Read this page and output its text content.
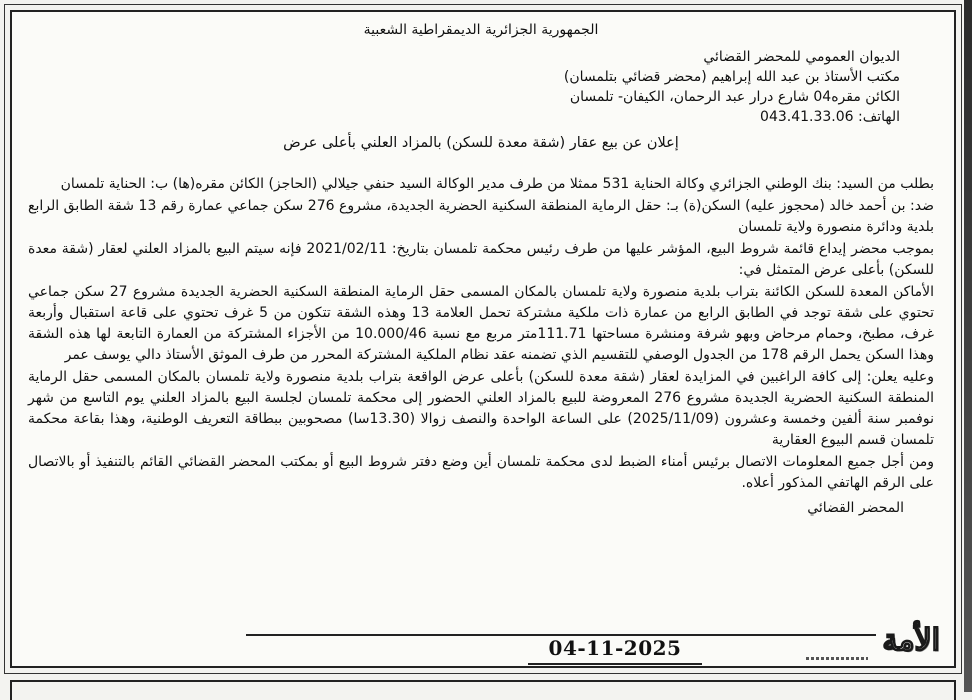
الجمهورية الجزائرية الديمقراطية الشعبية
الديوان العمومي للمحضر القضائي
مكتب الأستاذ بن عبد الله إبراهيم (محضر قضائي بتلمسان)
الكائن مقره04 شارع درار عبد الرحمان، الكيفان- تلمسان
الهاتف: 043.41.33.06
إعلان عن بيع عقار (شقة معدة للسكن) بالمزاد العلني بأعلى عرض

بطلب من السيد: بنك الوطني الجزائري وكالة الحناية 531 ممثلا من طرف مدير الوكالة السيد حنفي جيلالي (الحاجز) الكائن مقره(ها) ب: الحناية تلمسان

ضد: بن أحمد خالد (محجوز عليه) السكن(ة) بـ: حقل الرماية المنطقة السكنية الحضرية الجديدة، مشروع 276 سكن جماعي عمارة رقم 13 شقة الطابق الرابع بلدية ودائرة منصورة ولاية تلمسان

بموجب محضر إيداع قائمة شروط البيع، المؤشر عليها من طرف رئيس محكمة تلمسان بتاريخ: 2021/02/11 فإنه سيتم البيع بالمزاد العلني لعقار (شقة معدة للسكن) بأعلى عرض المتمثل في:

الأماكن المعدة للسكن الكائنة بتراب بلدية منصورة ولاية تلمسان بالمكان المسمى حقل الرماية المنطقة السكنية الحضرية الجديدة مشروع 27 سكن جماعي تحتوي على شقة توجد في الطابق الرابع من عمارة ذات ملكية مشتركة تحمل العلامة 13 وهذه الشقة تتكون من 5 غرف تحتوي على قاعة استقبال وأربعة غرف، مطبخ، وحمام مرحاض وبهو شرفة ومنشرة مساحتها 111.71متر مربع مع نسبة 10.000/46 من الأجزاء المشتركة من العمارة التابعة لها هذه الشقة وهذا السكن يحمل الرقم 178 من الجدول الوصفي للتقسيم الذي تضمنه عقد نظام الملكية المشتركة المحرر من طرف الموثق الأستاذ دالي يوسف عمر

وعليه يعلن: إلى كافة الراغبين في المزايدة لعقار (شقة معدة للسكن) بأعلى عرض الواقعة بتراب بلدية منصورة ولاية تلمسان بالمكان المسمى حقل الرماية المنطقة السكنية الحضرية الجديدة مشروع 276 المعروضة للبيع بالمزاد العلني الحضور إلى محكمة تلمسان لجلسة البيع بالمزاد العلني يوم التاسع من شهر نوفمبر سنة ألفين وخمسة وعشرون (2025/11/09) على الساعة الواحدة والنصف زوالا (13.30سا) مصحوبين ببطاقة التعريف الوطنية، وهذا بقاعة محكمة تلمسان قسم البيوع العقارية

ومن أجل جميع المعلومات الاتصال برئيس أمناء الضبط لدى محكمة تلمسان أين وضع دفتر شروط البيع أو بمكتب المحضر القضائي القائم بالتنفيذ أو بالاتصال على الرقم الهاتفي المذكور أعلاه.

المحضر القضائي
04-11-2025	الأمة
